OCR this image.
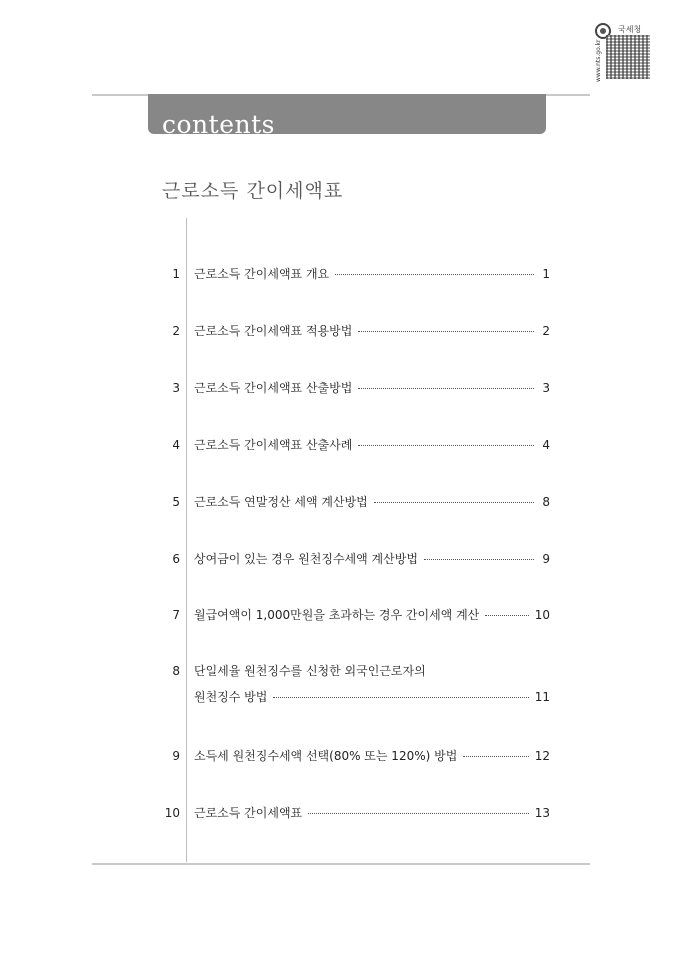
국세청
www.nts.go.kr
contents
근로소득 간이세액표
1 근로소득 간이세액표 개요	1
2 근로소득 간이세액표 적용방법	2
3 근로소득 간이세액표 산출방법	3
4 근로소득 간이세액표 산출사례	4
5 근로소득 연말정산 세액 계산방법	8
6 상여금이 있는 경우 원천징수세액 계산방법	9
7 월급여액이 1,000만원을 초과하는 경우 간이세액 계산	10
8 단일세율 원천징수를 신청한 외국인근로자의
원천징수 방법	11
9 소득세 원천징수세액 선택(80% 또는 120%) 방법	12
10 근로소득 간이세액표	13
